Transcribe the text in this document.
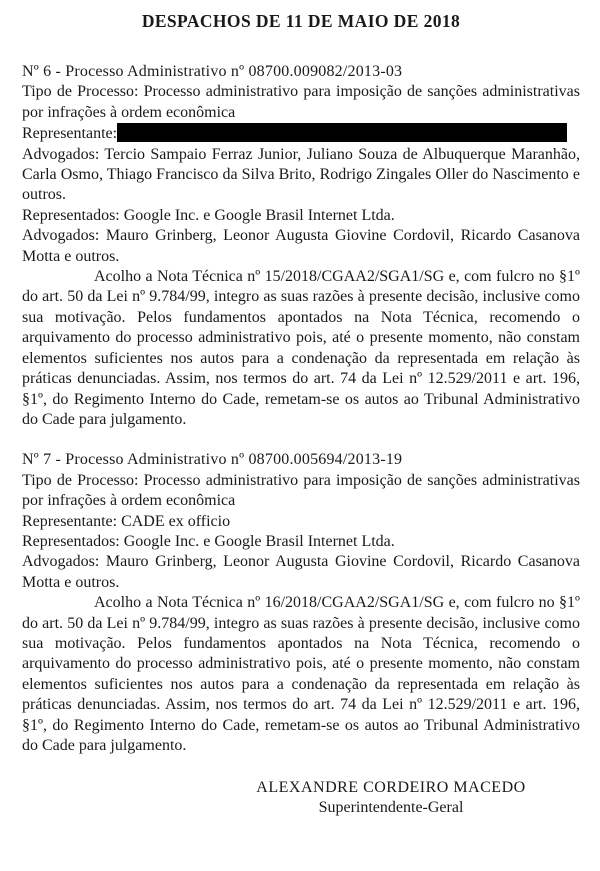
DESPACHOS DE 11 DE MAIO DE 2018

Nº 6 - Processo Administrativo nº 08700.009082/2013-03

Tipo de Processo: Processo administrativo para imposição de sanções administrativas por infrações à ordem econômica

Representante:

Advogados: Tercio Sampaio Ferraz Junior, Juliano Souza de Albuquerque Maranhão, Carla Osmo, Thiago Francisco da Silva Brito, Rodrigo Zingales Oller do Nascimento e outros.

Representados: Google Inc. e Google Brasil Internet Ltda.

Advogados: Mauro Grinberg, Leonor Augusta Giovine Cordovil, Ricardo Casanova Motta e outros.

Acolho a Nota Técnica nº 15/2018/CGAA2/SGA1/SG e, com fulcro no §1º do art. 50 da Lei nº 9.784/99, integro as suas razões à presente decisão, inclusive como sua motivação. Pelos fundamentos apontados na Nota Técnica, recomendo o arquivamento do processo administrativo pois, até o presente momento, não constam elementos suficientes nos autos para a condenação da representada em relação às práticas denunciadas. Assim, nos termos do art. 74 da Lei nº 12.529/2011 e art. 196, §1º, do Regimento Interno do Cade, remetam-se os autos ao Tribunal Administrativo do Cade para julgamento.

Nº 7 - Processo Administrativo nº 08700.005694/2013-19

Tipo de Processo: Processo administrativo para imposição de sanções administrativas por infrações à ordem econômica

Representante: CADE ex officio

Representados: Google Inc. e Google Brasil Internet Ltda.

Advogados: Mauro Grinberg, Leonor Augusta Giovine Cordovil, Ricardo Casanova Motta e outros.

Acolho a Nota Técnica nº 16/2018/CGAA2/SGA1/SG e, com fulcro no §1º do art. 50 da Lei nº 9.784/99, integro as suas razões à presente decisão, inclusive como sua motivação. Pelos fundamentos apontados na Nota Técnica, recomendo o arquivamento do processo administrativo pois, até o presente momento, não constam elementos suficientes nos autos para a condenação da representada em relação às práticas denunciadas. Assim, nos termos do art. 74 da Lei nº 12.529/2011 e art. 196, §1º, do Regimento Interno do Cade, remetam-se os autos ao Tribunal Administrativo do Cade para julgamento.

ALEXANDRE CORDEIRO MACEDO
Superintendente-Geral
